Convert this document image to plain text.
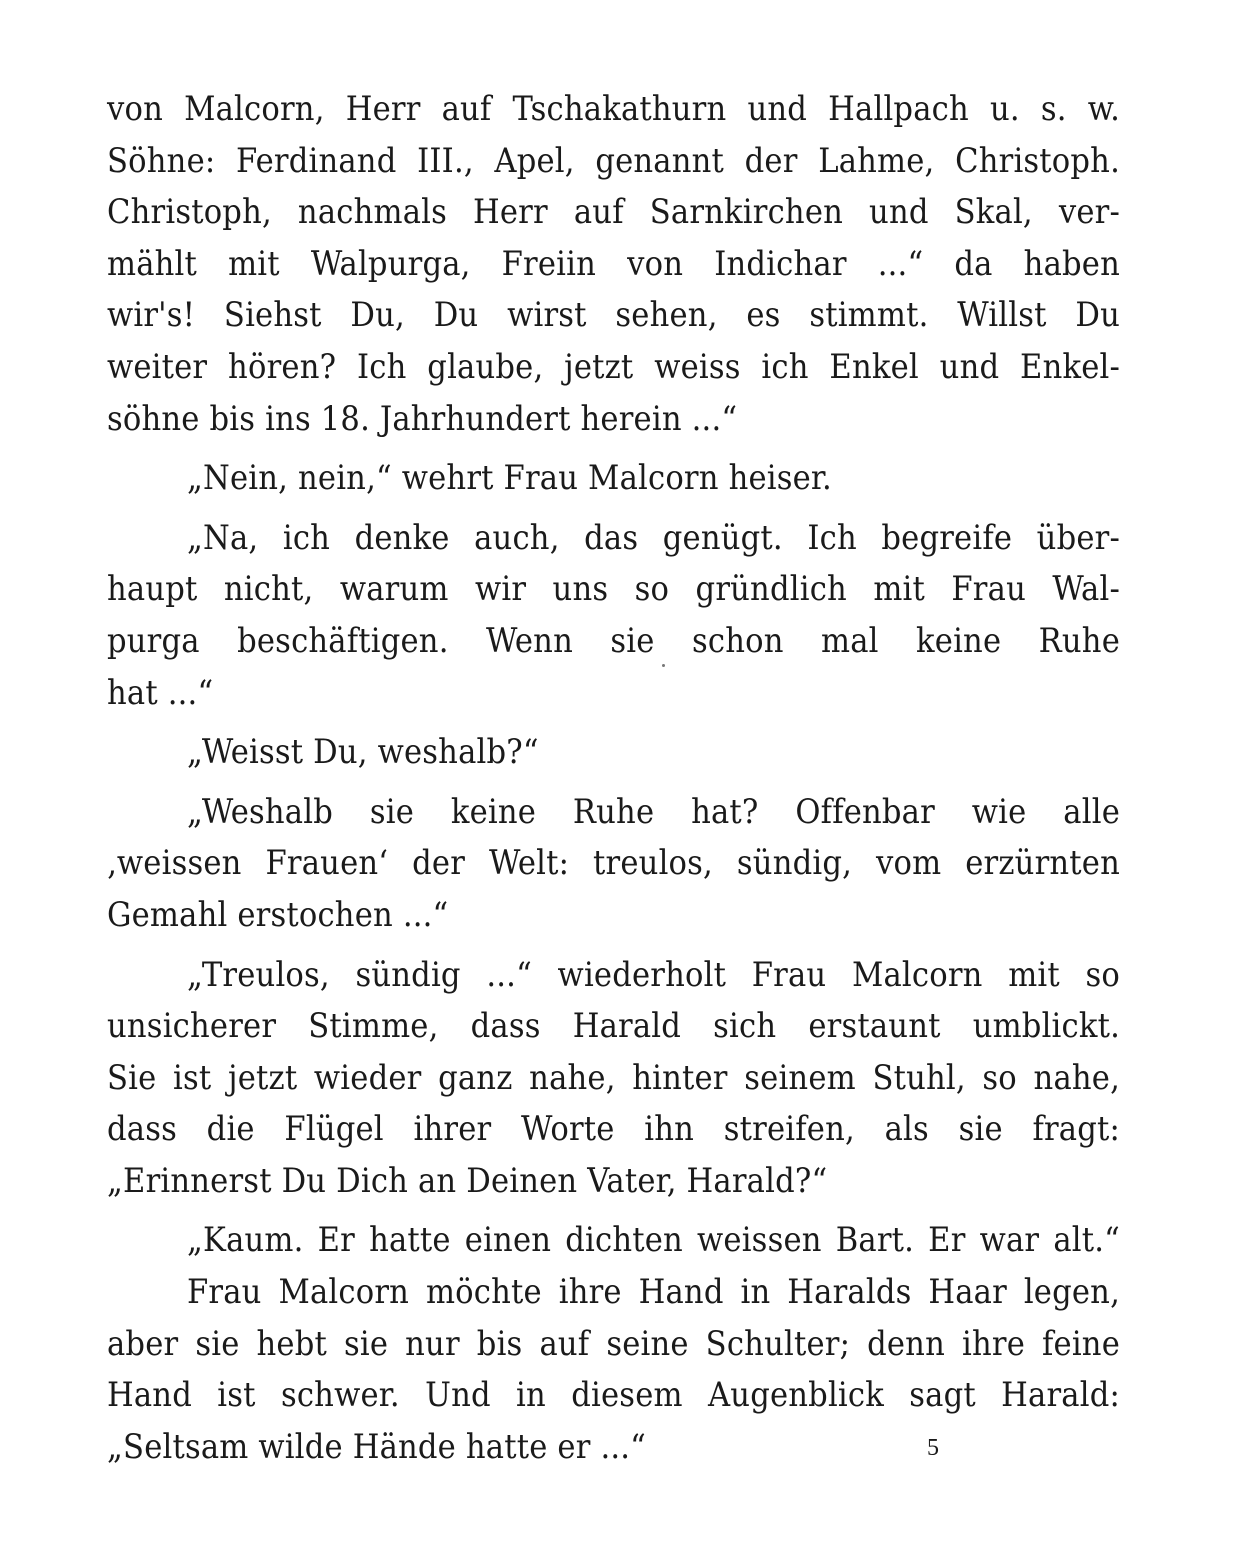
von Malcorn, Herr auf Tschakathurn und Hallpach u. s. w.
Söhne: Ferdinand III., Apel, genannt der Lahme, Christoph.
Christoph, nachmals Herr auf Sarnkirchen und Skal, ver-
mählt mit Walpurga, Freiin von Indichar ...“ da haben
wir's! Siehst Du, Du wirst sehen, es stimmt. Willst Du
weiter hören? Ich glaube, jetzt weiss ich Enkel und Enkel-
söhne bis ins 18. Jahrhundert herein ...“

„Nein, nein,“ wehrt Frau Malcorn heiser.

„Na, ich denke auch, das genügt. Ich begreife über-
haupt nicht, warum wir uns so gründlich mit Frau Wal-
purga beschäftigen. Wenn sie schon mal keine Ruhe
hat ...“

„Weisst Du, weshalb?“

„Weshalb sie keine Ruhe hat? Offenbar wie alle
‚weissen Frauen‘ der Welt: treulos, sündig, vom erzürnten
Gemahl erstochen ...“

„Treulos, sündig ...“ wiederholt Frau Malcorn mit so
unsicherer Stimme, dass Harald sich erstaunt umblickt.
Sie ist jetzt wieder ganz nahe, hinter seinem Stuhl, so nahe,
dass die Flügel ihrer Worte ihn streifen, als sie fragt:
„Erinnerst Du Dich an Deinen Vater, Harald?“

„Kaum. Er hatte einen dichten weissen Bart. Er war alt.“

Frau Malcorn möchte ihre Hand in Haralds Haar legen,
aber sie hebt sie nur bis auf seine Schulter; denn ihre feine
Hand ist schwer. Und in diesem Augenblick sagt Harald:
„Seltsam wilde Hände hatte er ...“	5
